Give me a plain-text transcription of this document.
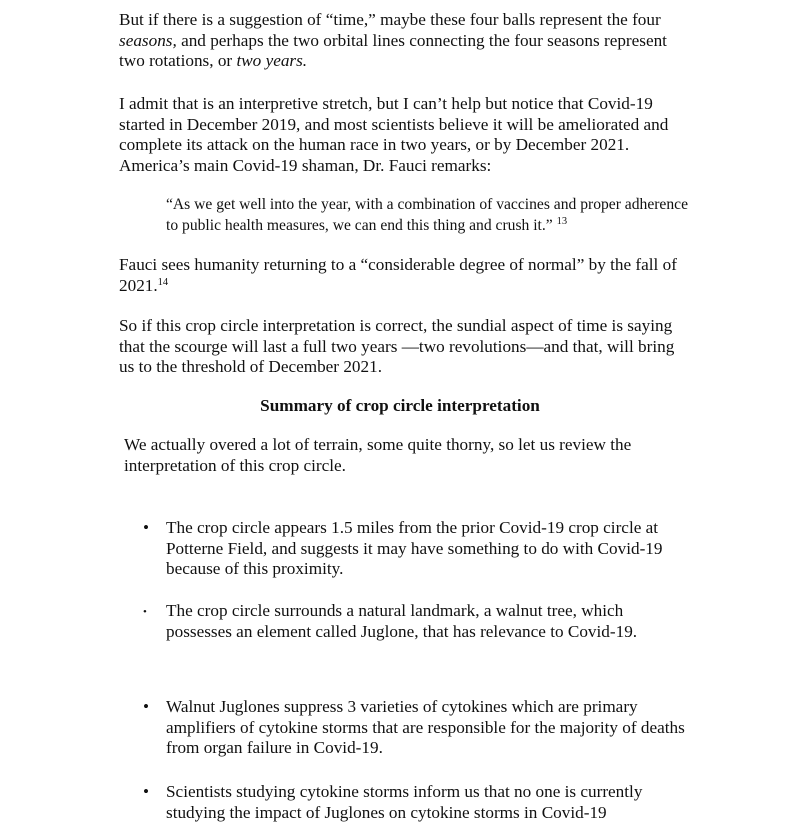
But if there is a suggestion of “time,” maybe these four balls represent the four seasons, and perhaps the two orbital lines connecting the four seasons represent two rotations, or two years.

I admit that is an interpretive stretch, but I can’t help but notice that Covid-19 started in December 2019, and most scientists believe it will be ameliorated and complete its attack on the human race in two years, or by December 2021. America’s main Covid-19 shaman, Dr. Fauci remarks:

“As we get well into the year, with a combination of vaccines and proper adherence to public health measures, we can end this thing and crush it.” $^{13}$

Fauci sees humanity returning to a “considerable degree of normal” by the fall of 2021.14

So if this crop circle interpretation is correct, the sundial aspect of time is saying that the scourge will last a full two years —two revolutions—and that, will bring us to the threshold of December 2021.

Summary of crop circle interpretation

We actually overed a lot of terrain, some quite thorny, so let us review the interpretation of this crop circle.

• The crop circle appears 1.5 miles from the prior Covid-19 crop circle at Potterne Field, and suggests it may have something to do with Covid-19 because of this proximity.

• The crop circle surrounds a natural landmark, a walnut tree, which possesses an element called Juglone, that has relevance to Covid-19.

• Walnut Juglones suppress 3 varieties of cytokines which are primary amplifiers of cytokine storms that are responsible for the majority of deaths from organ failure in Covid-19.

• Scientists studying cytokine storms inform us that no one is currently studying the impact of Juglones on cytokine storms in Covid-19
